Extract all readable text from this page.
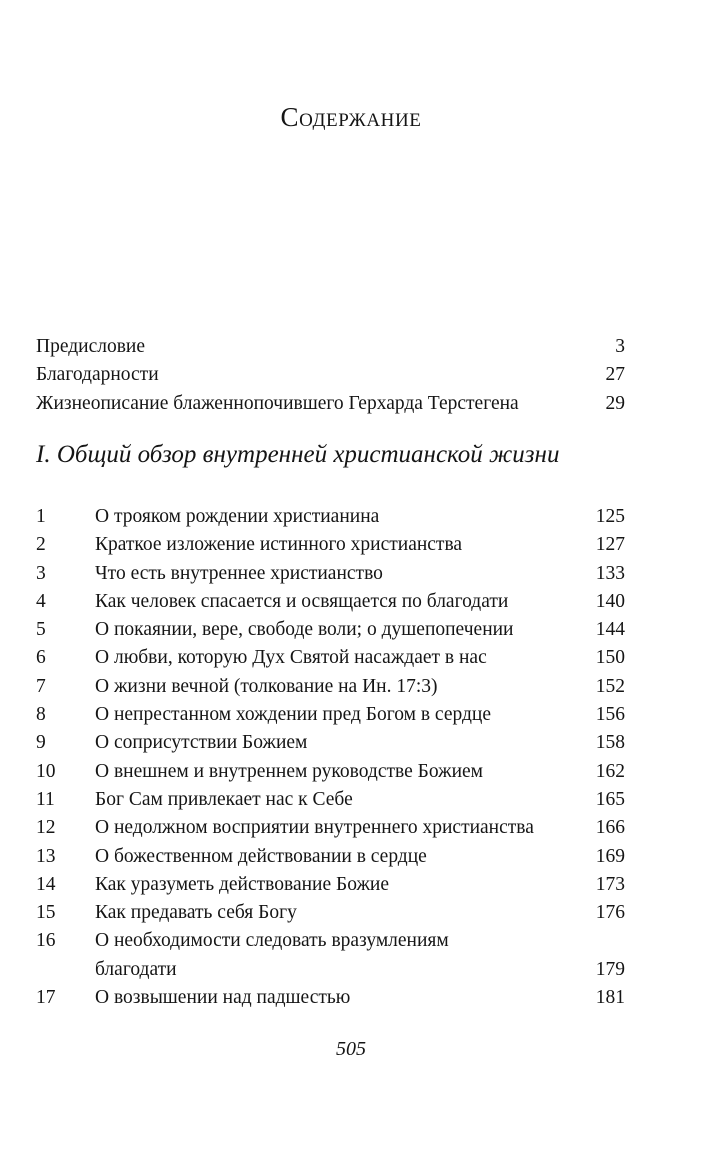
Содержание
Предисловие	3
Благодарности	27
Жизнеописание блаженнопочившего Герхарда Терстегена	29
I. Общий обзор внутренней христианской жизни
1	О трояком рождении христианина	125
2	Краткое изложение истинного христианства	127
3	Что есть внутреннее христианство	133
4	Как человек спасается и освящается по благодати	140
5	О покаянии, вере, свободе воли; о душепопечении	144
6	О любви, которую Дух Святой насаждает в нас	150
7	О жизни вечной (толкование на Ин. 17:3)	152
8	О непрестанном хождении пред Богом в сердце	156
9	О соприсутствии Божием	158
10	О внешнем и внутреннем руководстве Божием	162
11	Бог Сам привлекает нас к Себе	165
12	О недолжном восприятии внутреннего христианства	166
13	О божественном действовании в сердце	169
14	Как уразуметь действование Божие	173
15	Как предавать себя Богу	176
16	О необходимости следовать вразумлениям благодати	179
17	О возвышении над падшестью	181
505
